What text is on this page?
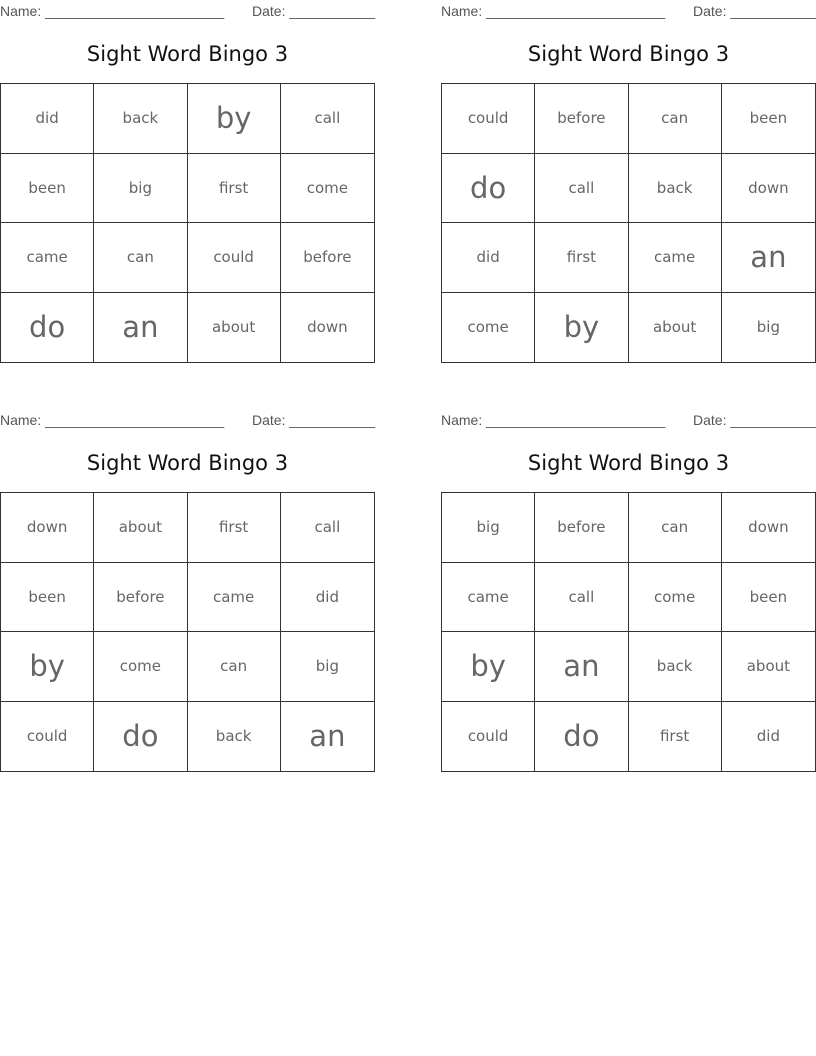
Name: _______________________ Date: ___________
Sight Word Bingo 3
did	back	by	call
been	big	first	come
came	can	could	before
do	an	about	down
Name: _______________________ Date: ___________
Sight Word Bingo 3
could	before	can	been
do	call	back	down
did	first	came	an
come	by	about	big
Name: _______________________ Date: ___________
Sight Word Bingo 3
down	about	first	call
been	before	came	did
by	come	can	big
could	do	back	an
Name: _______________________ Date: ___________
Sight Word Bingo 3
big	before	can	down
came	call	come	been
by	an	back	about
could	do	first	did
